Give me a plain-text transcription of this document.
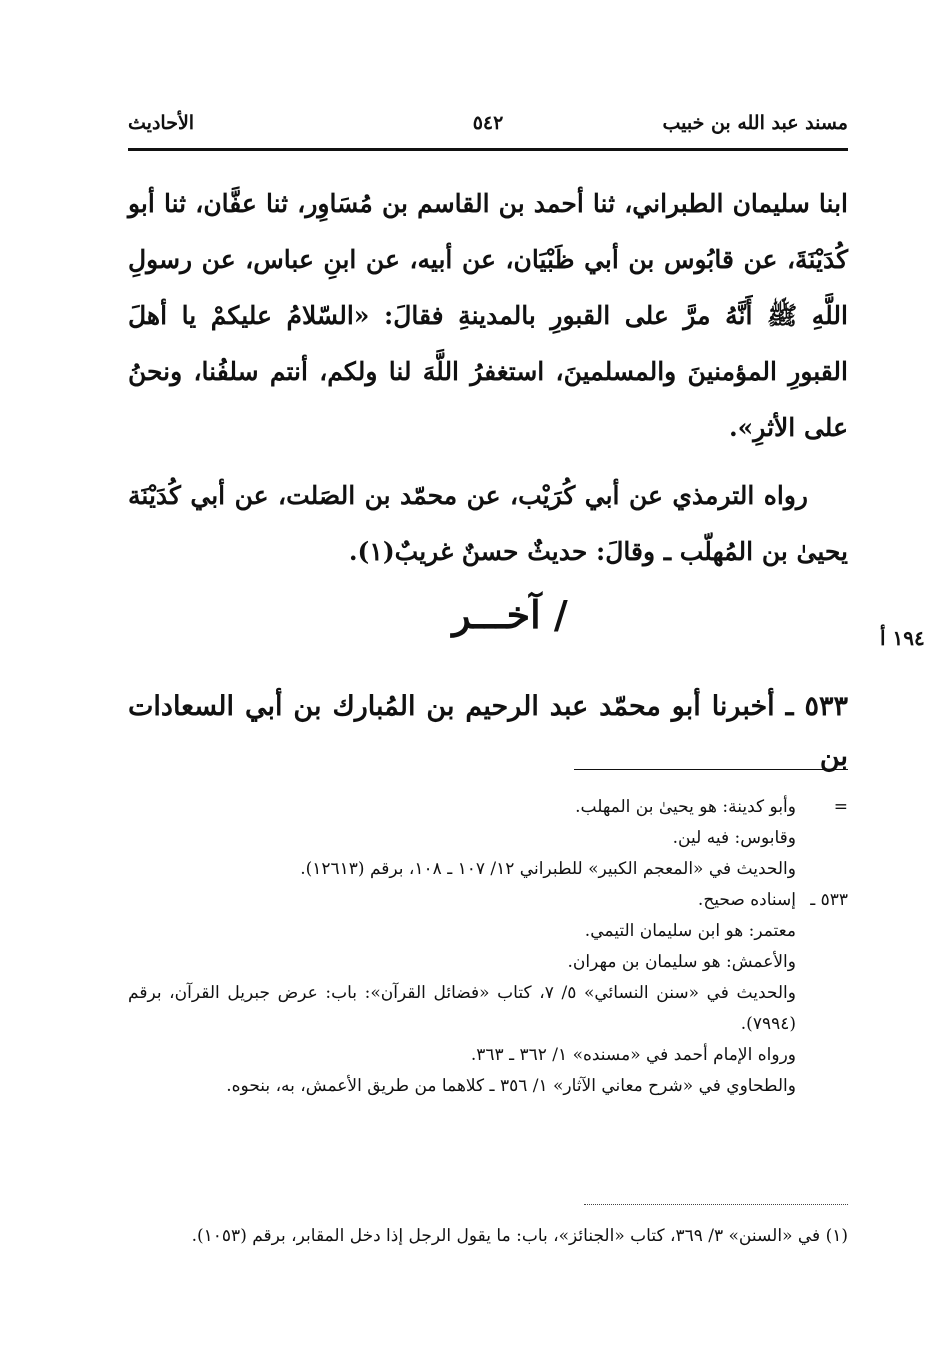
مسند عبد الله بن خبيب
٥٤٢
الأحاديث

ابنا سليمان الطبراني، ثنا أحمد بن القاسم بن مُسَاوِر، ثنا عفَّان، ثنا أبو كُدَيْنَةَ، عن قابُوس بن أبي ظَبْيَان، عن أبيه، عن ابنِ عباس، عن رسولِ اللَّهِ ﷺ أَنَّهُ مرَّ على القبورِ بالمدينةِ فقالَ: «السّلامُ عليكمْ يا أهلَ القبورِ المؤمنينَ والمسلمينَ، استغفرُ اللَّهَ لنا ولكم، أنتم سلفُنا، ونحنُ على الأثرِ».

رواه الترمذي عن أبي كُرَيْب، عن محمّد بن الصَلت، عن أبي كُدَيْنَة يحيىٰ بن المُهلّب ـ وقالَ: حديثٌ حسنٌ غريبٌ(١).

١٩٤ أ
/ آخـــر
٥٣٣ ـ أخبرنا أبو محمّد عبد الرحيم بن المُبارك بن أبي السعادات بن
=
وأبو كدينة: هو يحيىٰ بن المهلب.
وقابوس: فيه لين.
والحديث في «المعجم الكبير» للطبراني ١٢/ ١٠٧ ـ ١٠٨، برقم (١٢٦١٣).
٥٣٣ ـ
إسناده صحيح.
معتمر: هو ابن سليمان التيمي.
والأعمش: هو سليمان بن مهران.
والحديث في «سنن النسائي» ٥/ ٧، كتاب «فضائل القرآن»: باب: عرض جبريل القرآن، برقم (٧٩٩٤).
ورواه الإمام أحمد في «مسنده» ١/ ٣٦٢ ـ ٣٦٣.
والطحاوي في «شرح معاني الآثار» ١/ ٣٥٦ ـ كلاهما من طريق الأعمش، به، بنحوه.
(١) في «السنن» ٣/ ٣٦٩، كتاب «الجنائز»، باب: ما يقول الرجل إذا دخل المقابر، برقم (١٠٥٣).
